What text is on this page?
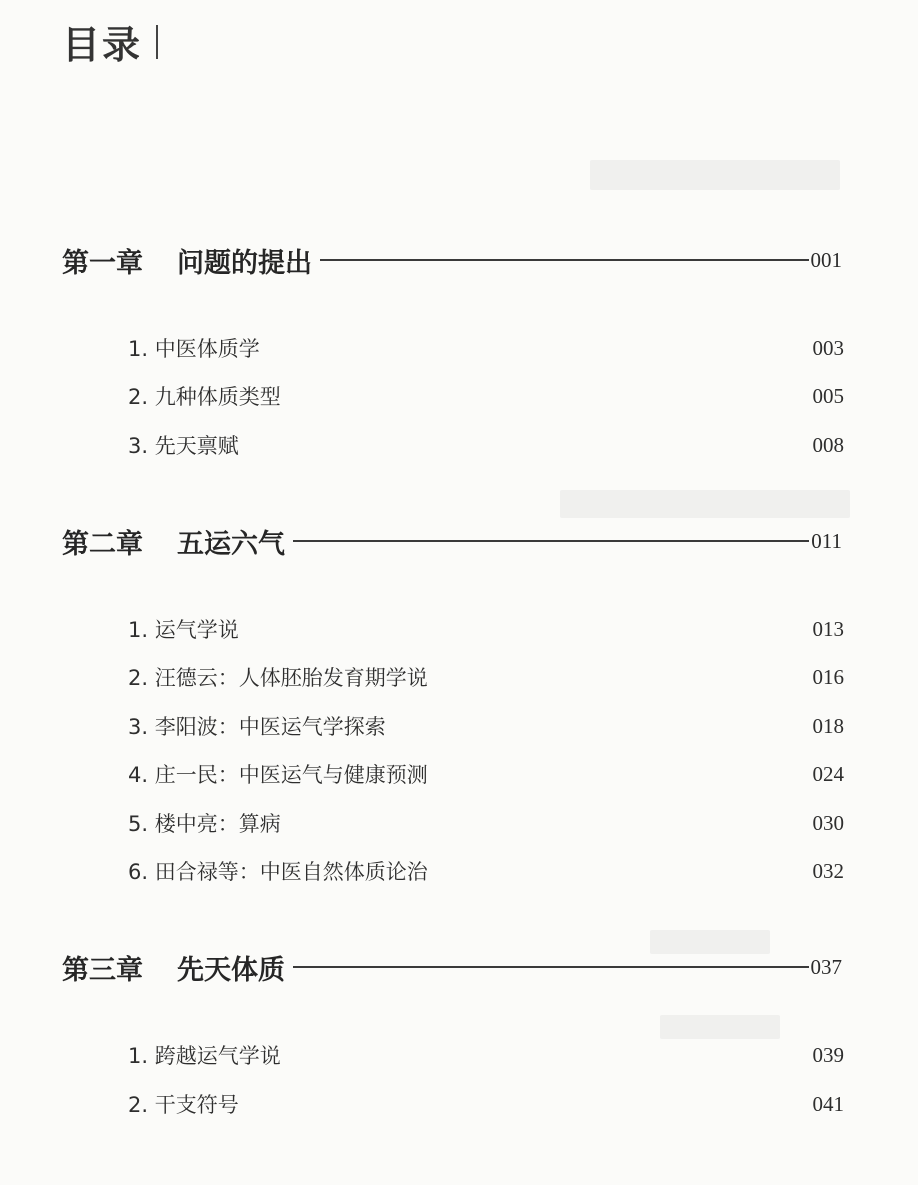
目录
第一章 问题的提出	001
1. 中医体质学	003
2. 九种体质类型	005
3. 先天禀赋	008
第二章 五运六气	011
1. 运气学说	013
2. 汪德云：人体胚胎发育期学说	016
3. 李阳波：中医运气学探索	018
4. 庄一民：中医运气与健康预测	024
5. 楼中亮：算病	030
6. 田合禄等：中医自然体质论治	032
第三章 先天体质	037
1. 跨越运气学说	039
2. 干支符号	041
